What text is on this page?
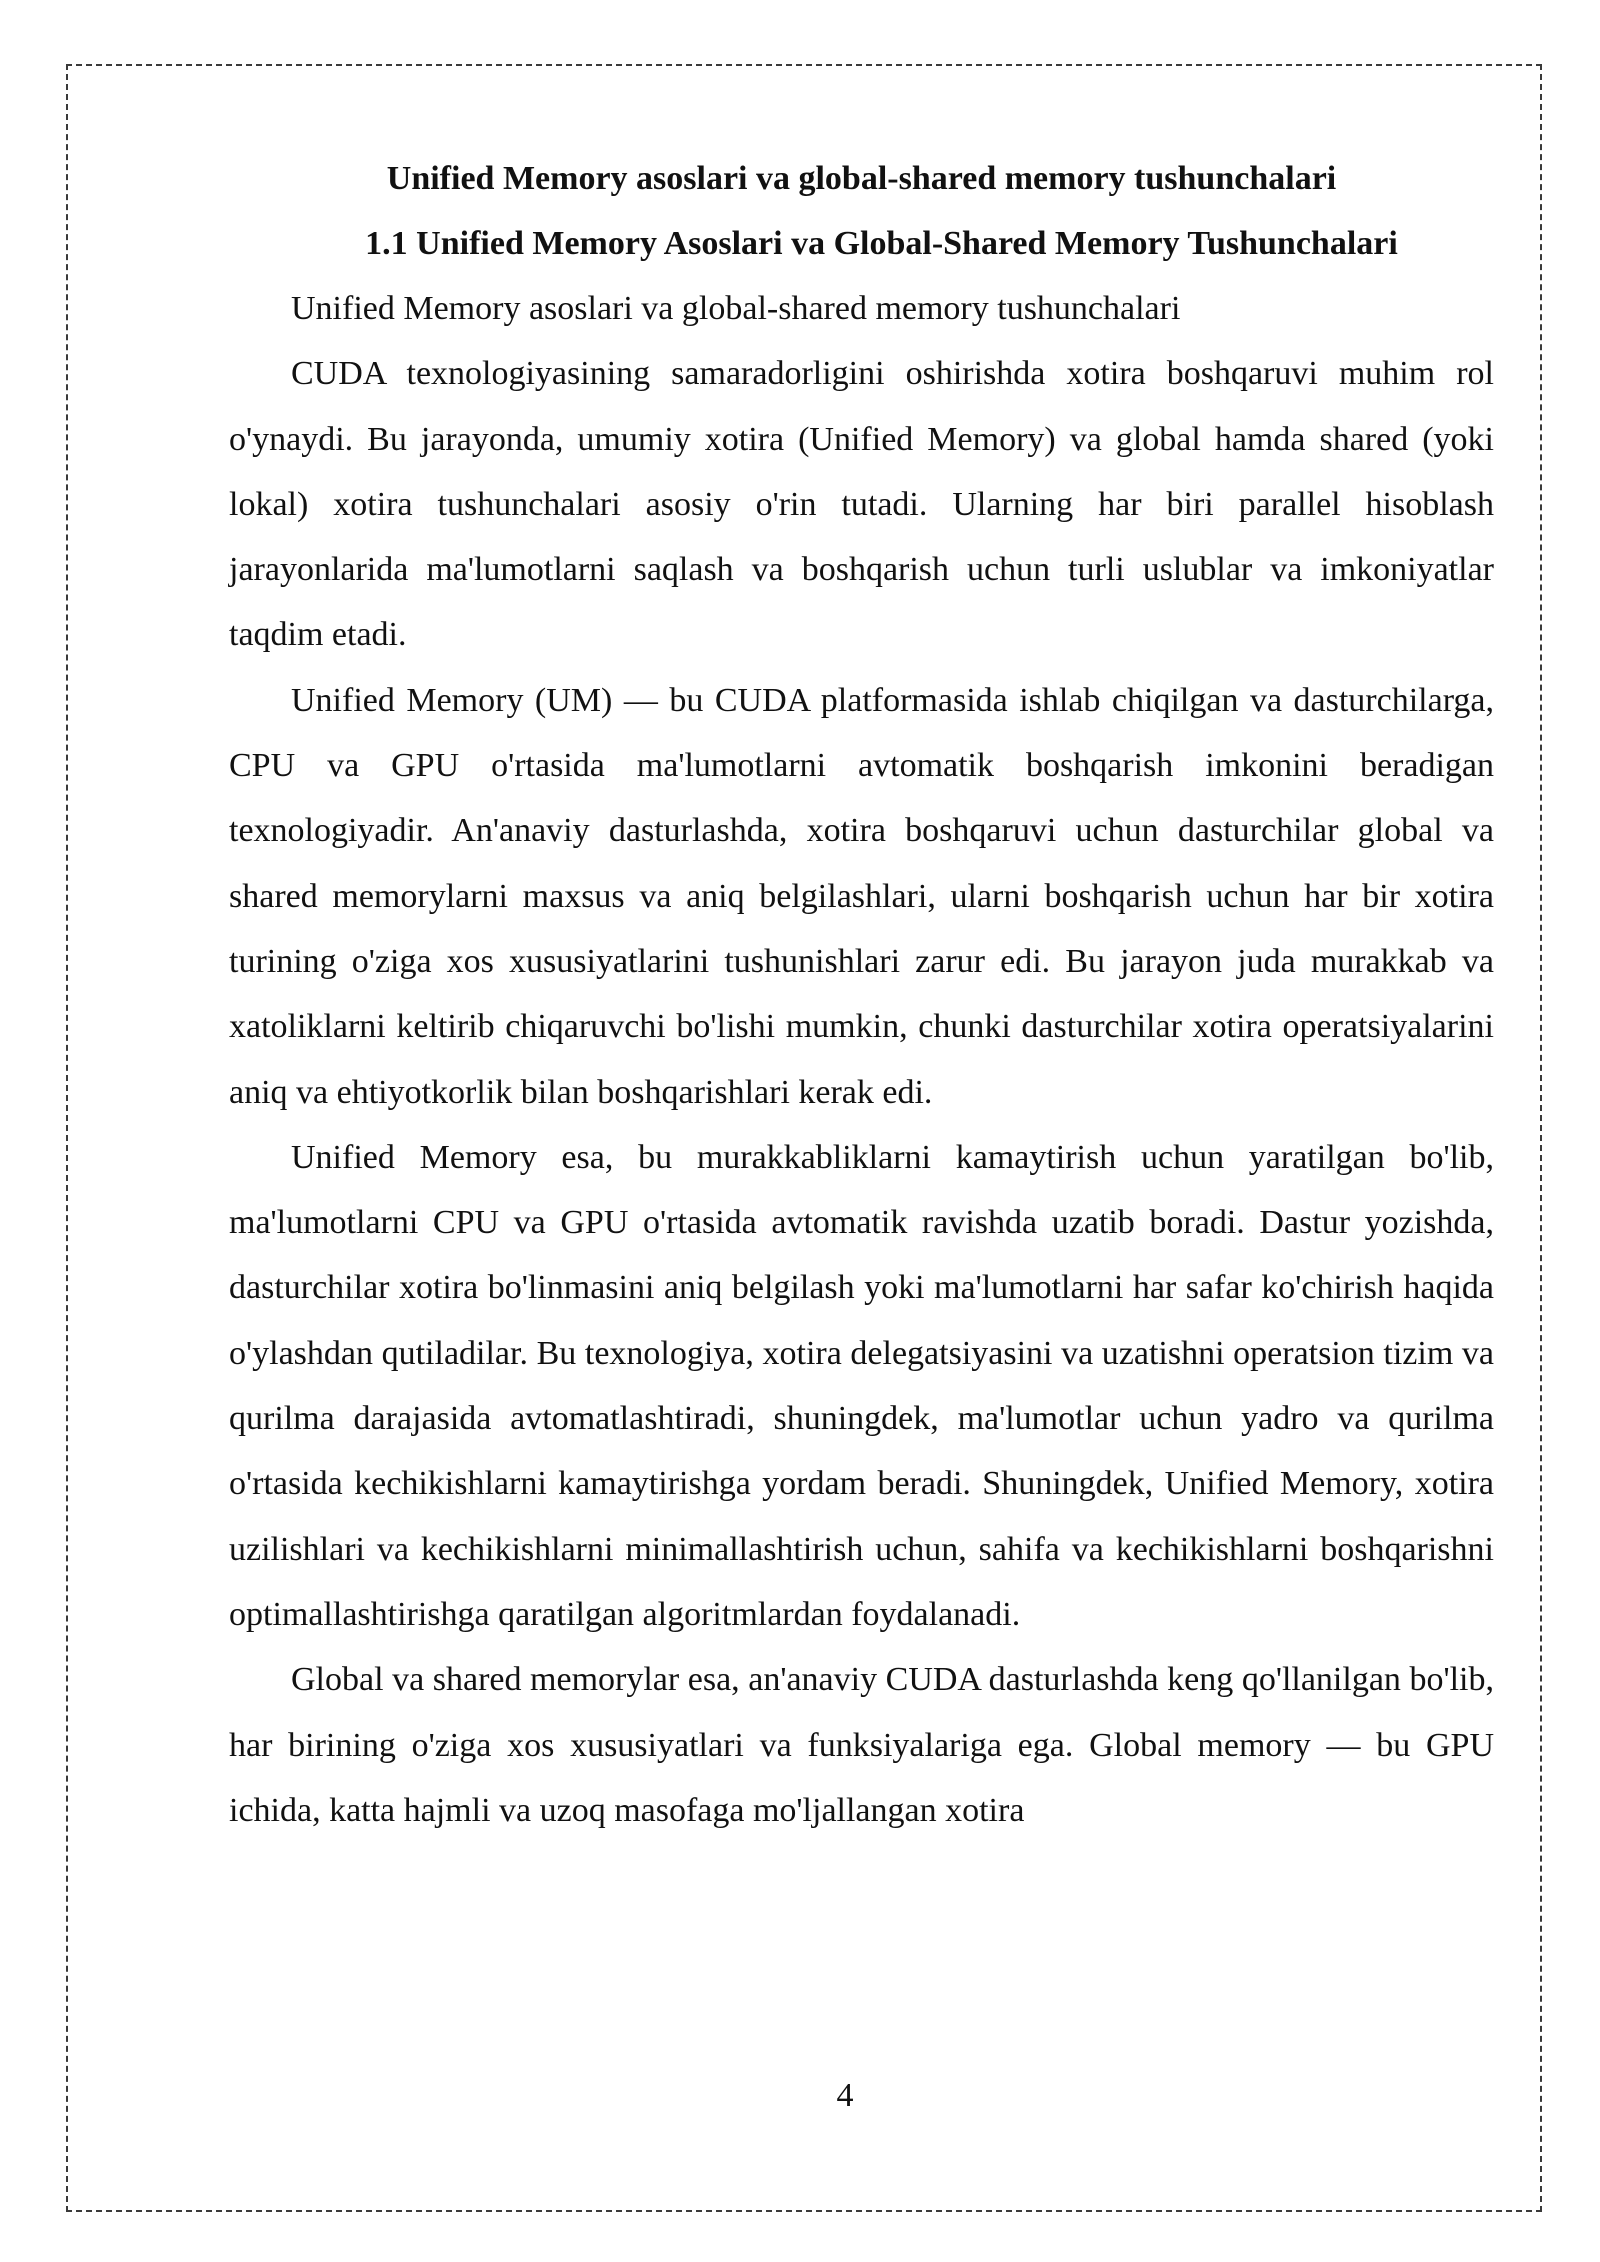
Unified Memory asoslari va global-shared memory tushunchalari
1.1 Unified Memory Asoslari va Global-Shared Memory Tushunchalari

Unified Memory asoslari va global-shared memory tushunchalari

CUDA texnologiyasining samaradorligini oshirishda xotira boshqaruvi muhim rol o'ynaydi. Bu jarayonda, umumiy xotira (Unified Memory) va global hamda shared (yoki lokal) xotira tushunchalari asosiy o'rin tutadi. Ularning har biri parallel hisoblash jarayonlarida ma'lumotlarni saqlash va boshqarish uchun turli uslublar va imkoniyatlar taqdim etadi.

Unified Memory (UM) — bu CUDA platformasida ishlab chiqilgan va dasturchilarga, CPU va GPU o'rtasida ma'lumotlarni avtomatik boshqarish imkonini beradigan texnologiyadir. An'anaviy dasturlashda, xotira boshqaruvi uchun dasturchilar global va shared memorylarni maxsus va aniq belgilashlari, ularni boshqarish uchun har bir xotira turining o'ziga xos xususiyatlarini tushunishlari zarur edi. Bu jarayon juda murakkab va xatoliklarni keltirib chiqaruvchi bo'lishi mumkin, chunki dasturchilar xotira operatsiyalarini aniq va ehtiyotkorlik bilan boshqarishlari kerak edi.

Unified Memory esa, bu murakkabliklarni kamaytirish uchun yaratilgan bo'lib, ma'lumotlarni CPU va GPU o'rtasida avtomatik ravishda uzatib boradi. Dastur yozishda, dasturchilar xotira bo'linmasini aniq belgilash yoki ma'lumotlarni har safar ko'chirish haqida o'ylashdan qutiladilar. Bu texnologiya, xotira delegatsiyasini va uzatishni operatsion tizim va qurilma darajasida avtomatlashtiradi, shuningdek, ma'lumotlar uchun yadro va qurilma o'rtasida kechikishlarni kamaytirishga yordam beradi. Shuningdek, Unified Memory, xotira uzilishlari va kechikishlarni minimallashtirish uchun, sahifa va kechikishlarni boshqarishni optimallashtirishga qaratilgan algoritmlardan foydalanadi.

Global va shared memorylar esa, an'anaviy CUDA dasturlashda keng qo'llanilgan bo'lib, har birining o'ziga xos xususiyatlari va funksiyalariga ega. Global memory — bu GPU ichida, katta hajmli va uzoq masofaga mo'ljallangan xotira

4
